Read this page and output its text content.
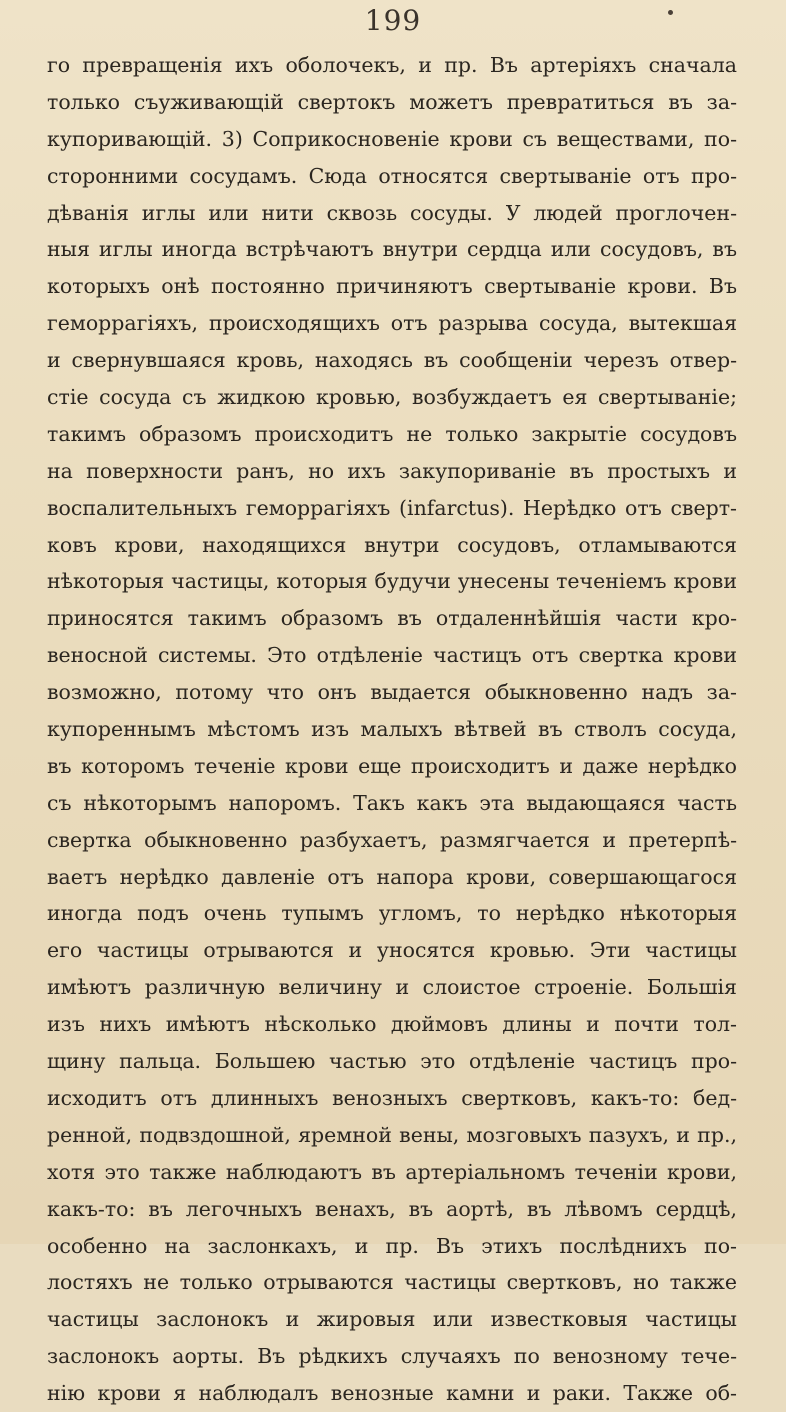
199
го превращенія ихъ оболочекъ, и пр. Въ артеріяхъ сначала
только съуживающій свертокъ можетъ превратиться въ за-
купоривающій. 3) Соприкосновеніе крови съ веществами, по-
сторонними сосудамъ. Сюда относятся свертываніе отъ про-
дѣванія иглы или нити сквозь сосуды. У людей проглочен-
ныя иглы иногда встрѣчаютъ внутри сердца или сосудовъ, въ
которыхъ онѣ постоянно причиняютъ свертываніе крови. Въ
геморрагіяхъ, происходящихъ отъ разрыва сосуда, вытекшая
и свернувшаяся кровь, находясь въ сообщеніи черезъ отвер-
стіе сосуда съ жидкою кровью, возбуждаетъ ея свертываніе;
такимъ образомъ происходитъ не только закрытіе сосудовъ
на поверхности ранъ, но ихъ закупориваніе въ простыхъ и
воспалительныхъ геморрагіяхъ (infarctus). Нерѣдко отъ сверт-
ковъ крови, находящихся внутри сосудовъ, отламываются
нѣкоторыя частицы, которыя будучи унесены теченіемъ крови
приносятся такимъ образомъ въ отдаленнѣйшія части кро-
веносной системы. Это отдѣленіе частицъ отъ свертка крови
возможно, потому что онъ выдается обыкновенно надъ за-
купореннымъ мѣстомъ изъ малыхъ вѣтвей въ стволъ сосуда,
въ которомъ теченіе крови еще происходитъ и даже нерѣдко
съ нѣкоторымъ напоромъ. Такъ какъ эта выдающаяся часть
свертка обыкновенно разбухаетъ, размягчается и претерпѣ-
ваетъ нерѣдко давленіе отъ напора крови, совершающагося
иногда подъ очень тупымъ угломъ, то нерѣдко нѣкоторыя
его частицы отрываются и уносятся кровью. Эти частицы
имѣютъ различную величину и слоистое строеніе. Большія
изъ нихъ имѣютъ нѣсколько дюймовъ длины и почти тол-
щину пальца. Большею частью это отдѣленіе частицъ про-
исходитъ отъ длинныхъ венозныхъ свертковъ, какъ-то: бед-
ренной, подвздошной, яремной вены, мозговыхъ пазухъ, и пр.,
хотя это также наблюдаютъ въ артеріальномъ теченіи крови,
какъ-то: въ легочныхъ венахъ, въ аортѣ, въ лѣвомъ сердцѣ,
особенно на заслонкахъ, и пр. Въ этихъ послѣднихъ по-
лостяхъ не только отрываются частицы свертковъ, но также
частицы заслонокъ и жировыя или известковыя частицы
заслонокъ аорты. Въ рѣдкихъ случаяхъ по венозному тече-
нію крови я наблюдалъ венозные камни и раки. Также об-
